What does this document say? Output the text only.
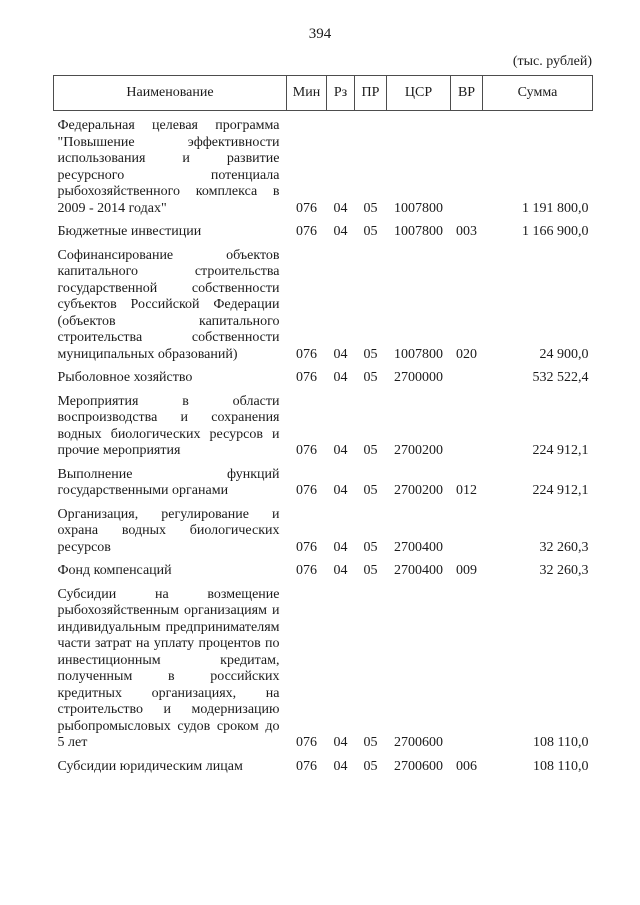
394
(тыс. рублей)
Наименование	Мин	Рз	ПР	ЦСР	ВР	Сумма
Федеральная целевая программа "Повышение эффективности использования и развитие ресурсного потенциала рыбохозяйственного комплекса в 2009 - 2014 годах"	076	04	05	1007800		1 191 800,0
Бюджетные инвестиции	076	04	05	1007800	003	1 166 900,0
Софинансирование объектов капитального строительства государственной собственности субъектов Российской Федерации (объектов капитального строительства собственности муниципальных образований)	076	04	05	1007800	020	24 900,0
Рыболовное хозяйство	076	04	05	2700000		532 522,4
Мероприятия в области воспроизводства и сохранения водных биологических ресурсов и прочие мероприятия	076	04	05	2700200		224 912,1
Выполнение функций государственными органами	076	04	05	2700200	012	224 912,1
Организация, регулирование и охрана водных биологических ресурсов	076	04	05	2700400		32 260,3
Фонд компенсаций	076	04	05	2700400	009	32 260,3
Субсидии на возмещение рыбохозяйственным организациям и индивидуальным предпринимателям части затрат на уплату процентов по инвестиционным кредитам, полученным в российских кредитных организациях, на строительство и модернизацию рыбопромысловых судов сроком до 5 лет	076	04	05	2700600		108 110,0
Субсидии юридическим лицам	076	04	05	2700600	006	108 110,0
